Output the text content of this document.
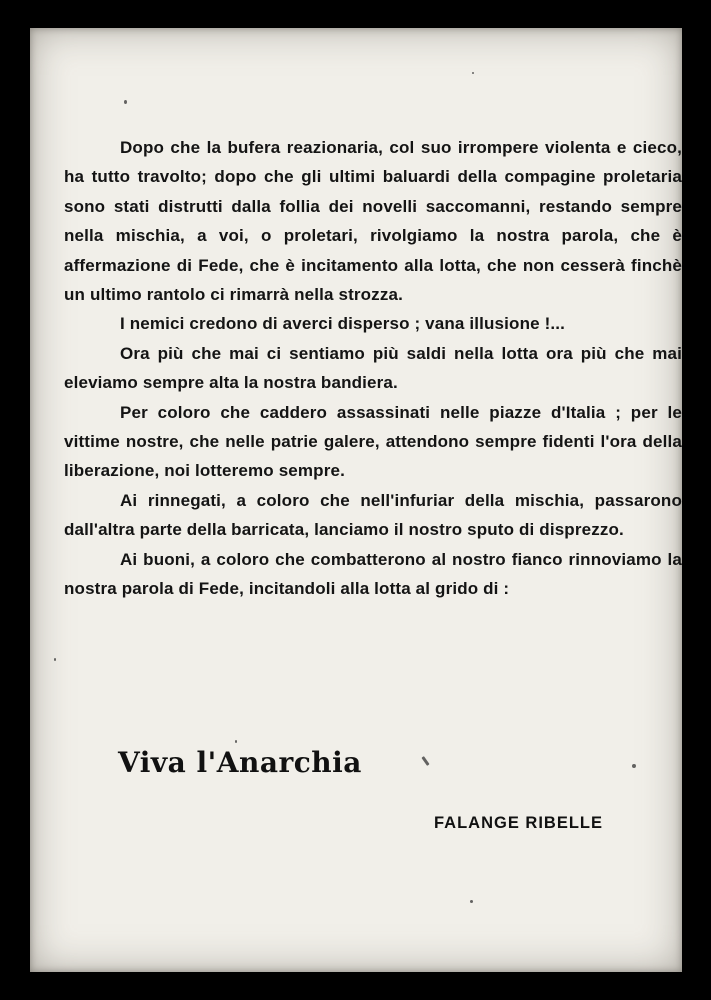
Dopo che la bufera reazionaria, col suo irrompere violenta e cieco, ha tutto travolto; dopo che gli ultimi baluardi della compagine proletaria sono stati distrutti dalla follia dei novelli saccomanni, restando sempre nella mischia, a voi, o proletari, rivolgiamo la nostra parola, che è affermazione di Fede, che è incitamento alla lotta, che non cesserà finchè un ultimo rantolo ci rimarrà nella strozza.

I nemici credono di averci disperso ; vana illusione !...

Ora più che mai ci sentiamo più saldi nella lotta ora più che mai eleviamo sempre alta la nostra bandiera.

Per coloro che caddero assassinati nelle piazze d'Italia ; per le vittime nostre, che nelle patrie galere, attendono sempre fidenti l'ora della liberazione, noi lotteremo sempre.

Ai rinnegati, a coloro che nell'infuriar della mischia, passarono dall'altra parte della barricata, lanciamo il nostro sputo di disprezzo.

Ai buoni, a coloro che combatterono al nostro fianco rinnoviamo la nostra parola di Fede, incitandoli alla lotta al grido di :

Viva l'Anarchia
FALANGE RIBELLE
